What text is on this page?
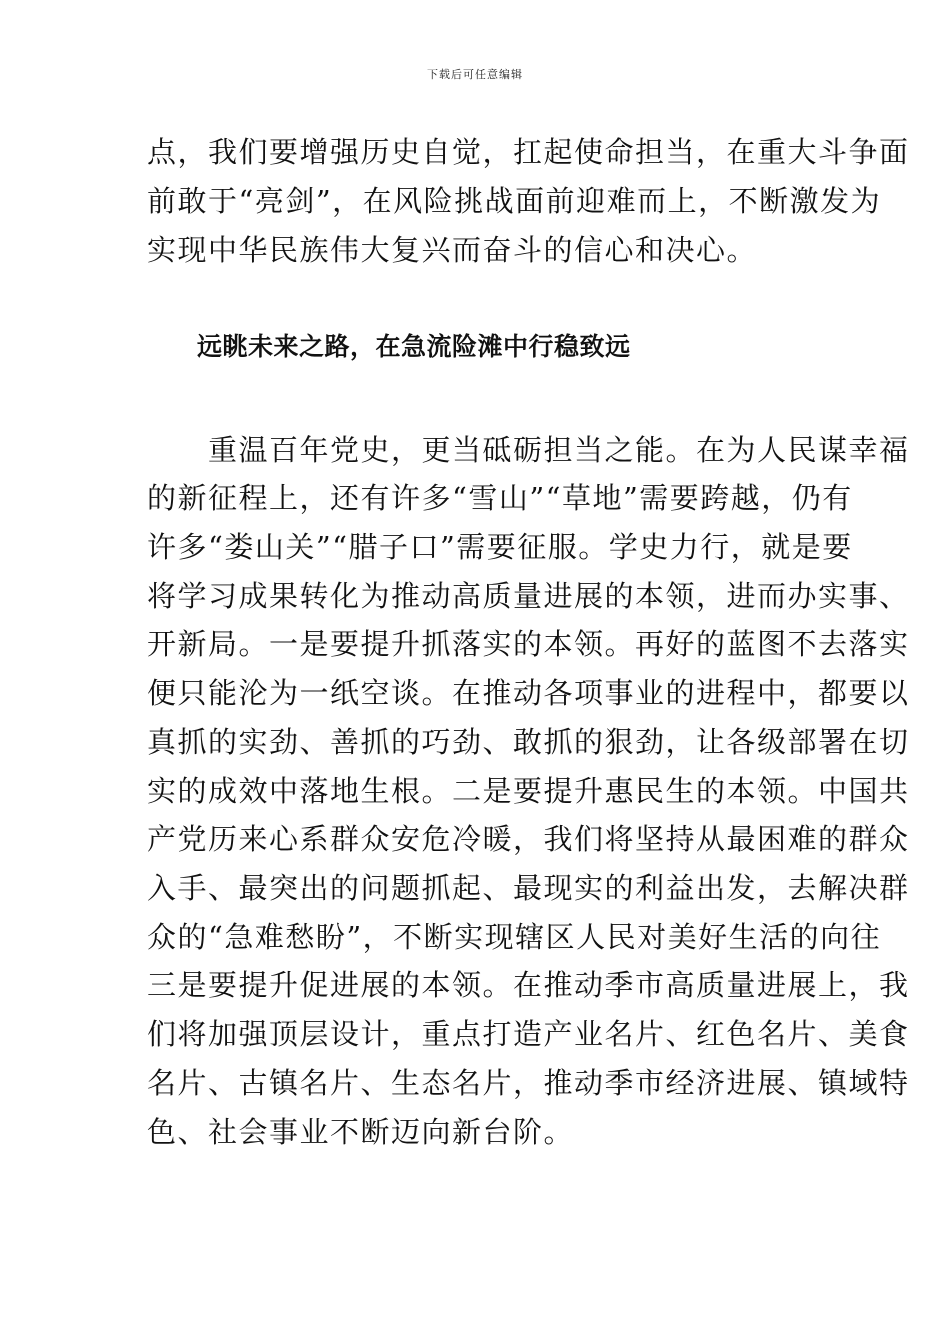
下载后可任意编辑

点，我们要增强历史自觉，扛起使命担当，在重大斗争面

前敢于“亮剑”，在风险挑战面前迎难而上，不断激发为

实现中华民族伟大复兴而奋斗的信心和决心。

远眺未来之路，在急流险滩中行稳致远

　　重温百年党史，更当砥砺担当之能。在为人民谋幸福

的新征程上，还有许多“雪山”“草地”需要跨越，仍有

许多“娄山关”“腊子口”需要征服。学史力行，就是要

将学习成果转化为推动高质量进展的本领，进而办实事、

开新局。一是要提升抓落实的本领。再好的蓝图不去落实

便只能沦为一纸空谈。在推动各项事业的进程中，都要以

真抓的实劲、善抓的巧劲、敢抓的狠劲，让各级部署在切

实的成效中落地生根。二是要提升惠民生的本领。中国共

产党历来心系群众安危冷暖，我们将坚持从最困难的群众

入手、最突出的问题抓起、最现实的利益出发，去解决群

众的“急难愁盼”，不断实现辖区人民对美好生活的向往

三是要提升促进展的本领。在推动季市高质量进展上，我

们将加强顶层设计，重点打造产业名片、红色名片、美食

名片、古镇名片、生态名片，推动季市经济进展、镇域特

色、社会事业不断迈向新台阶。
